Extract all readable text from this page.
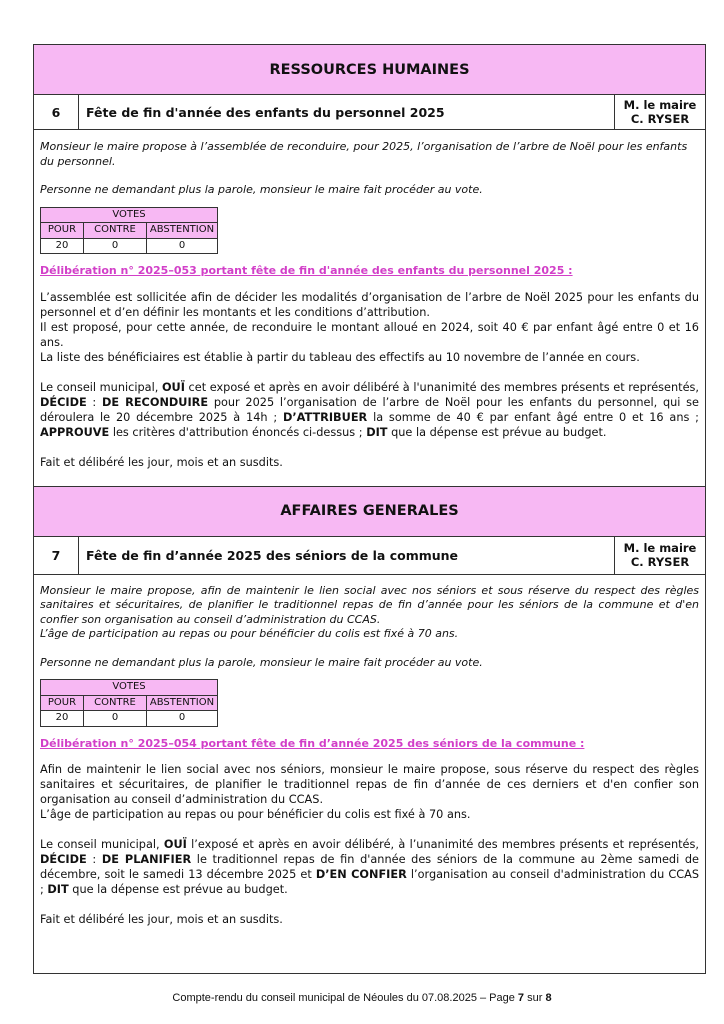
RESSOURCES HUMAINES
6	Fête de fin d'année des enfants du personnel 2025	M. le maire
C. RYSER

Monsieur le maire propose à l’assemblée de reconduire, pour 2025, l’organisation de l’arbre de Noël pour les enfants du personnel.

Personne ne demandant plus la parole, monsieur le maire fait procéder au vote.

VOTES		
POUR	CONTRE	ABSTENTION
20	0	0

Délibération n° 2025–053 portant fête de fin d'année des enfants du personnel 2025 :

L’assemblée est sollicitée afin de décider les modalités d’organisation de l’arbre de Noël 2025 pour les enfants du personnel et d’en définir les montants et les conditions d’attribution.

Il est proposé, pour cette année, de reconduire le montant alloué en 2024, soit 40 € par enfant âgé entre 0 et 16 ans.

La liste des bénéficiaires est établie à partir du tableau des effectifs au 10 novembre de l’année en cours.

Le conseil municipal, OUÏ cet exposé et après en avoir délibéré à l'unanimité des membres présents et représentés, DÉCIDE : DE RECONDUIRE pour 2025 l’organisation de l’arbre de Noël pour les enfants du personnel, qui se déroulera le 20 décembre 2025 à 14h ; D’ATTRIBUER la somme de 40 € par enfant âgé entre 0 et 16 ans ; APPROUVE les critères d'attribution énoncés ci-dessus ; DIT que la dépense est prévue au budget.

Fait et délibéré les jour, mois et an susdits.

AFFAIRES GENERALES
7	Fête de fin d’année 2025 des séniors de la commune	M. le maire
C. RYSER

Monsieur le maire propose, afin de maintenir le lien social avec nos séniors et sous réserve du respect des règles sanitaires et sécuritaires, de planifier le traditionnel repas de fin d’année pour les séniors de la commune et d'en confier son organisation au conseil d’administration du CCAS.

L’âge de participation au repas ou pour bénéficier du colis est fixé à 70 ans.

Personne ne demandant plus la parole, monsieur le maire fait procéder au vote.

VOTES		
POUR	CONTRE	ABSTENTION
20	0	0

Délibération n° 2025–054 portant fête de fin d’année 2025 des séniors de la commune :

Afin de maintenir le lien social avec nos séniors, monsieur le maire propose, sous réserve du respect des règles sanitaires et sécuritaires, de planifier le traditionnel repas de fin d’année de ces derniers et d'en confier son organisation au conseil d’administration du CCAS.

L’âge de participation au repas ou pour bénéficier du colis est fixé à 70 ans.

Le conseil municipal, OUÏ l’exposé et après en avoir délibéré, à l’unanimité des membres présents et représentés, DÉCIDE : DE PLANIFIER le traditionnel repas de fin d'année des séniors de la commune au 2ème samedi de décembre, soit le samedi 13 décembre 2025 et D’EN CONFIER l’organisation au conseil d'administration du CCAS ; DIT que la dépense est prévue au budget.

Fait et délibéré les jour, mois et an susdits.

Compte-rendu du conseil municipal de Néoules du 07.08.2025 – Page 7 sur 8
